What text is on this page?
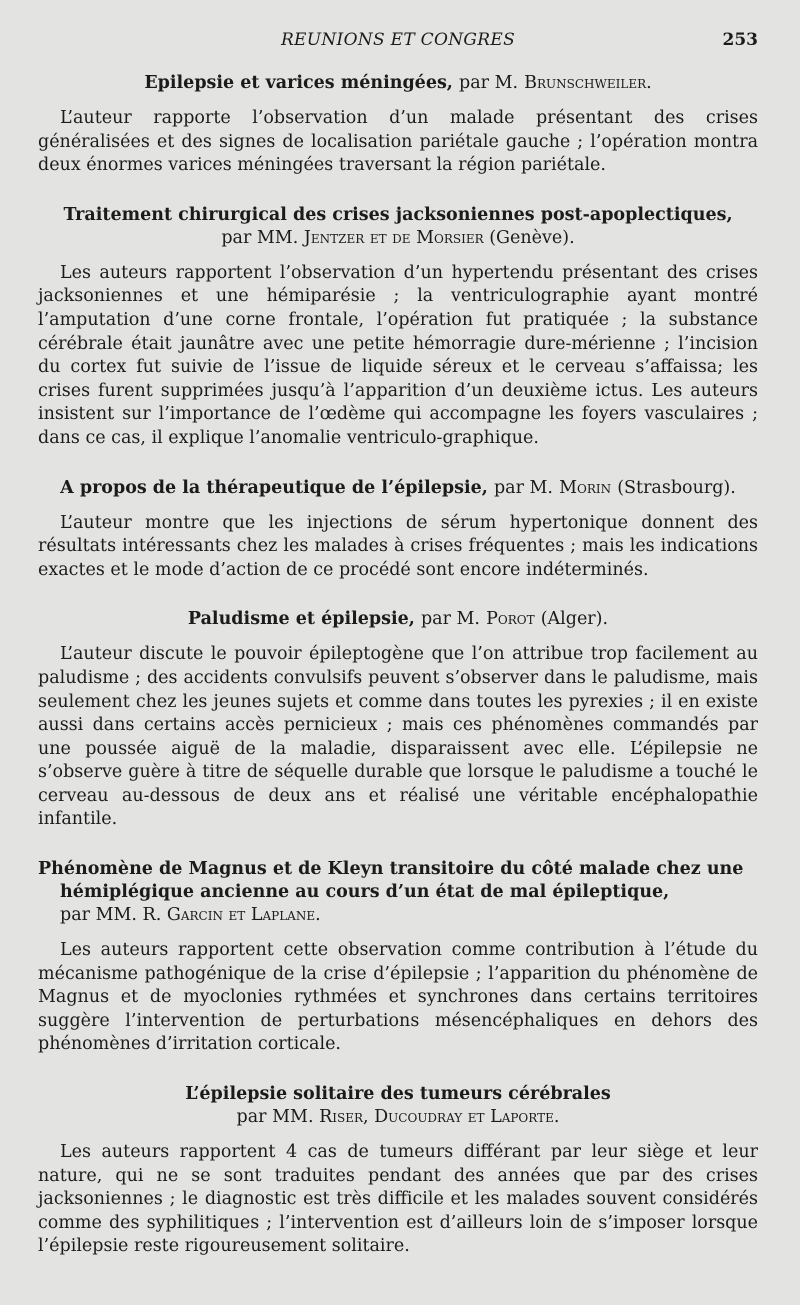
REUNIONS ET CONGRES	253
Epilepsie et varices méningées, par M. Brunschweiler.

L’auteur rapporte l’observation d’un malade présentant des crises généralisées et des signes de localisation pariétale gauche ; l’opération montra deux énormes varices méningées traversant la région pariétale.

Traitement chirurgical des crises jacksoniennes post-apoplectiques,
par MM. Jentzer et de Morsier (Genève).

Les auteurs rapportent l’observation d’un hypertendu présentant des crises jacksoniennes et une hémiparésie ; la ventriculographie ayant montré l’amputation d’une corne frontale, l’opération fut pratiquée ; la substance cérébrale était jaunâtre avec une petite hémorragie dure-mérienne ; l’incision du cortex fut suivie de l’issue de liquide séreux et le cerveau s’affaissa; les crises furent supprimées jusqu’à l’apparition d’un deuxième ictus. Les auteurs insistent sur l’importance de l’œdème qui accompagne les foyers vasculaires ; dans ce cas, il explique l’anomalie ventriculo-graphique.

A propos de la thérapeutique de l’épilepsie, par M. Morin (Strasbourg).

L’auteur montre que les injections de sérum hypertonique donnent des résultats intéressants chez les malades à crises fréquentes ; mais les indications exactes et le mode d’action de ce procédé sont encore indéterminés.

Paludisme et épilepsie, par M. Porot (Alger).

L’auteur discute le pouvoir épileptogène que l’on attribue trop facilement au paludisme ; des accidents convulsifs peuvent s’observer dans le paludisme, mais seulement chez les jeunes sujets et comme dans toutes les pyrexies ; il en existe aussi dans certains accès pernicieux ; mais ces phénomènes commandés par une poussée aiguë de la maladie, disparaissent avec elle. L’épilepsie ne s’observe guère à titre de séquelle durable que lorsque le paludisme a touché le cerveau au-dessous de deux ans et réalisé une véritable encéphalopathie infantile.

Phénomène de Magnus et de Kleyn transitoire du côté malade chez une hémiplégique ancienne au cours d’un état de mal épileptique,
par MM. R. Garcin et Laplane.

Les auteurs rapportent cette observation comme contribution à l’étude du mécanisme pathogénique de la crise d’épilepsie ; l’apparition du phénomène de Magnus et de myoclonies rythmées et synchrones dans certains territoires suggère l’intervention de perturbations mésencéphaliques en dehors des phénomènes d’irritation corticale.

L’épilepsie solitaire des tumeurs cérébrales
par MM. Riser, Ducoudray et Laporte.

Les auteurs rapportent 4 cas de tumeurs différant par leur siège et leur nature, qui ne se sont traduites pendant des années que par des crises jacksoniennes ; le diagnostic est très difficile et les malades souvent considérés comme des syphilitiques ; l’intervention est d’ailleurs loin de s’imposer lorsque l’épilepsie reste rigoureusement solitaire.
